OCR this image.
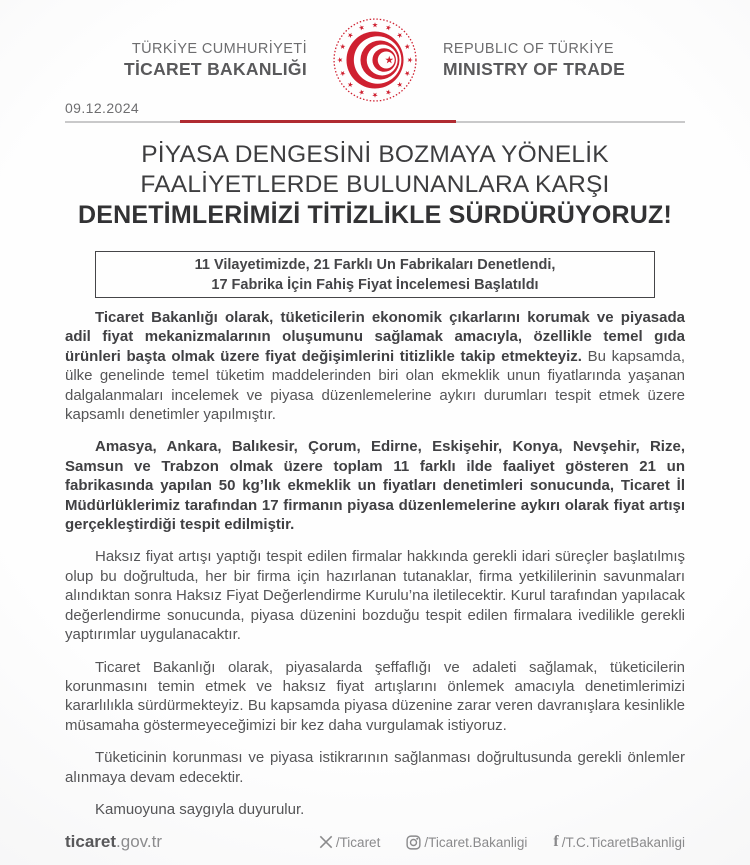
TÜRKİYE CUMHURİYETİ
TİCARET BAKANLIĞI
REPUBLIC OF TÜRKİYE
MINISTRY OF TRADE
09.12.2024
PİYASA DENGESİNİ BOZMAYA YÖNELİK
FAALİYETLERDE BULUNANLARA KARŞI
DENETİMLERİMİZİ TİTİZLİKLE SÜRDÜRÜYORUZ!
11 Vilayetimizde, 21 Farklı Un Fabrikaları Denetlendi,
17 Fabrika İçin Fahiş Fiyat İncelemesi Başlatıldı

Ticaret Bakanlığı olarak, tüketicilerin ekonomik çıkarlarını korumak ve piyasada adil fiyat mekanizmalarının oluşumunu sağlamak amacıyla, özellikle temel gıda ürünleri başta olmak üzere fiyat değişimlerini titizlikle takip etmekteyiz. Bu kapsamda, ülke genelinde temel tüketim maddelerinden biri olan ekmeklik unun fiyatlarında yaşanan dalgalanmaları incelemek ve piyasa düzenlemelerine aykırı durumları tespit etmek üzere kapsamlı denetimler yapılmıştır.

Amasya, Ankara, Balıkesir, Çorum, Edirne, Eskişehir, Konya, Nevşehir, Rize, Samsun ve Trabzon olmak üzere toplam 11 farklı ilde faaliyet gösteren 21 un fabrikasında yapılan 50 kg’lık ekmeklik un fiyatları denetimleri sonucunda, Ticaret İl Müdürlüklerimiz tarafından 17 firmanın piyasa düzenlemelerine aykırı olarak fiyat artışı gerçekleştirdiği tespit edilmiştir.

Haksız fiyat artışı yaptığı tespit edilen firmalar hakkında gerekli idari süreçler başlatılmış olup bu doğrultuda, her bir firma için hazırlanan tutanaklar, firma yetkililerinin savunmaları alındıktan sonra Haksız Fiyat Değerlendirme Kurulu’na iletilecektir. Kurul tarafından yapılacak değerlendirme sonucunda, piyasa düzenini bozduğu tespit edilen firmalara ivedilikle gerekli yaptırımlar uygulanacaktır.

Ticaret Bakanlığı olarak, piyasalarda şeffaflığı ve adaleti sağlamak, tüketicilerin korunmasını temin etmek ve haksız fiyat artışlarını önlemek amacıyla denetimlerimizi kararlılıkla sürdürmekteyiz. Bu kapsamda piyasa düzenine zarar veren davranışlara kesinlikle müsamaha göstermeyeceğimizi bir kez daha vurgulamak istiyoruz.

Tüketicinin korunması ve piyasa istikrarının sağlanması doğrultusunda gerekli önlemler alınmaya devam edecektir.

Kamuoyuna saygıyla duyurulur.

ticaret.gov.tr	/Ticaret	/Ticaret.Bakanligi f /T.C.TicaretBakanligi
